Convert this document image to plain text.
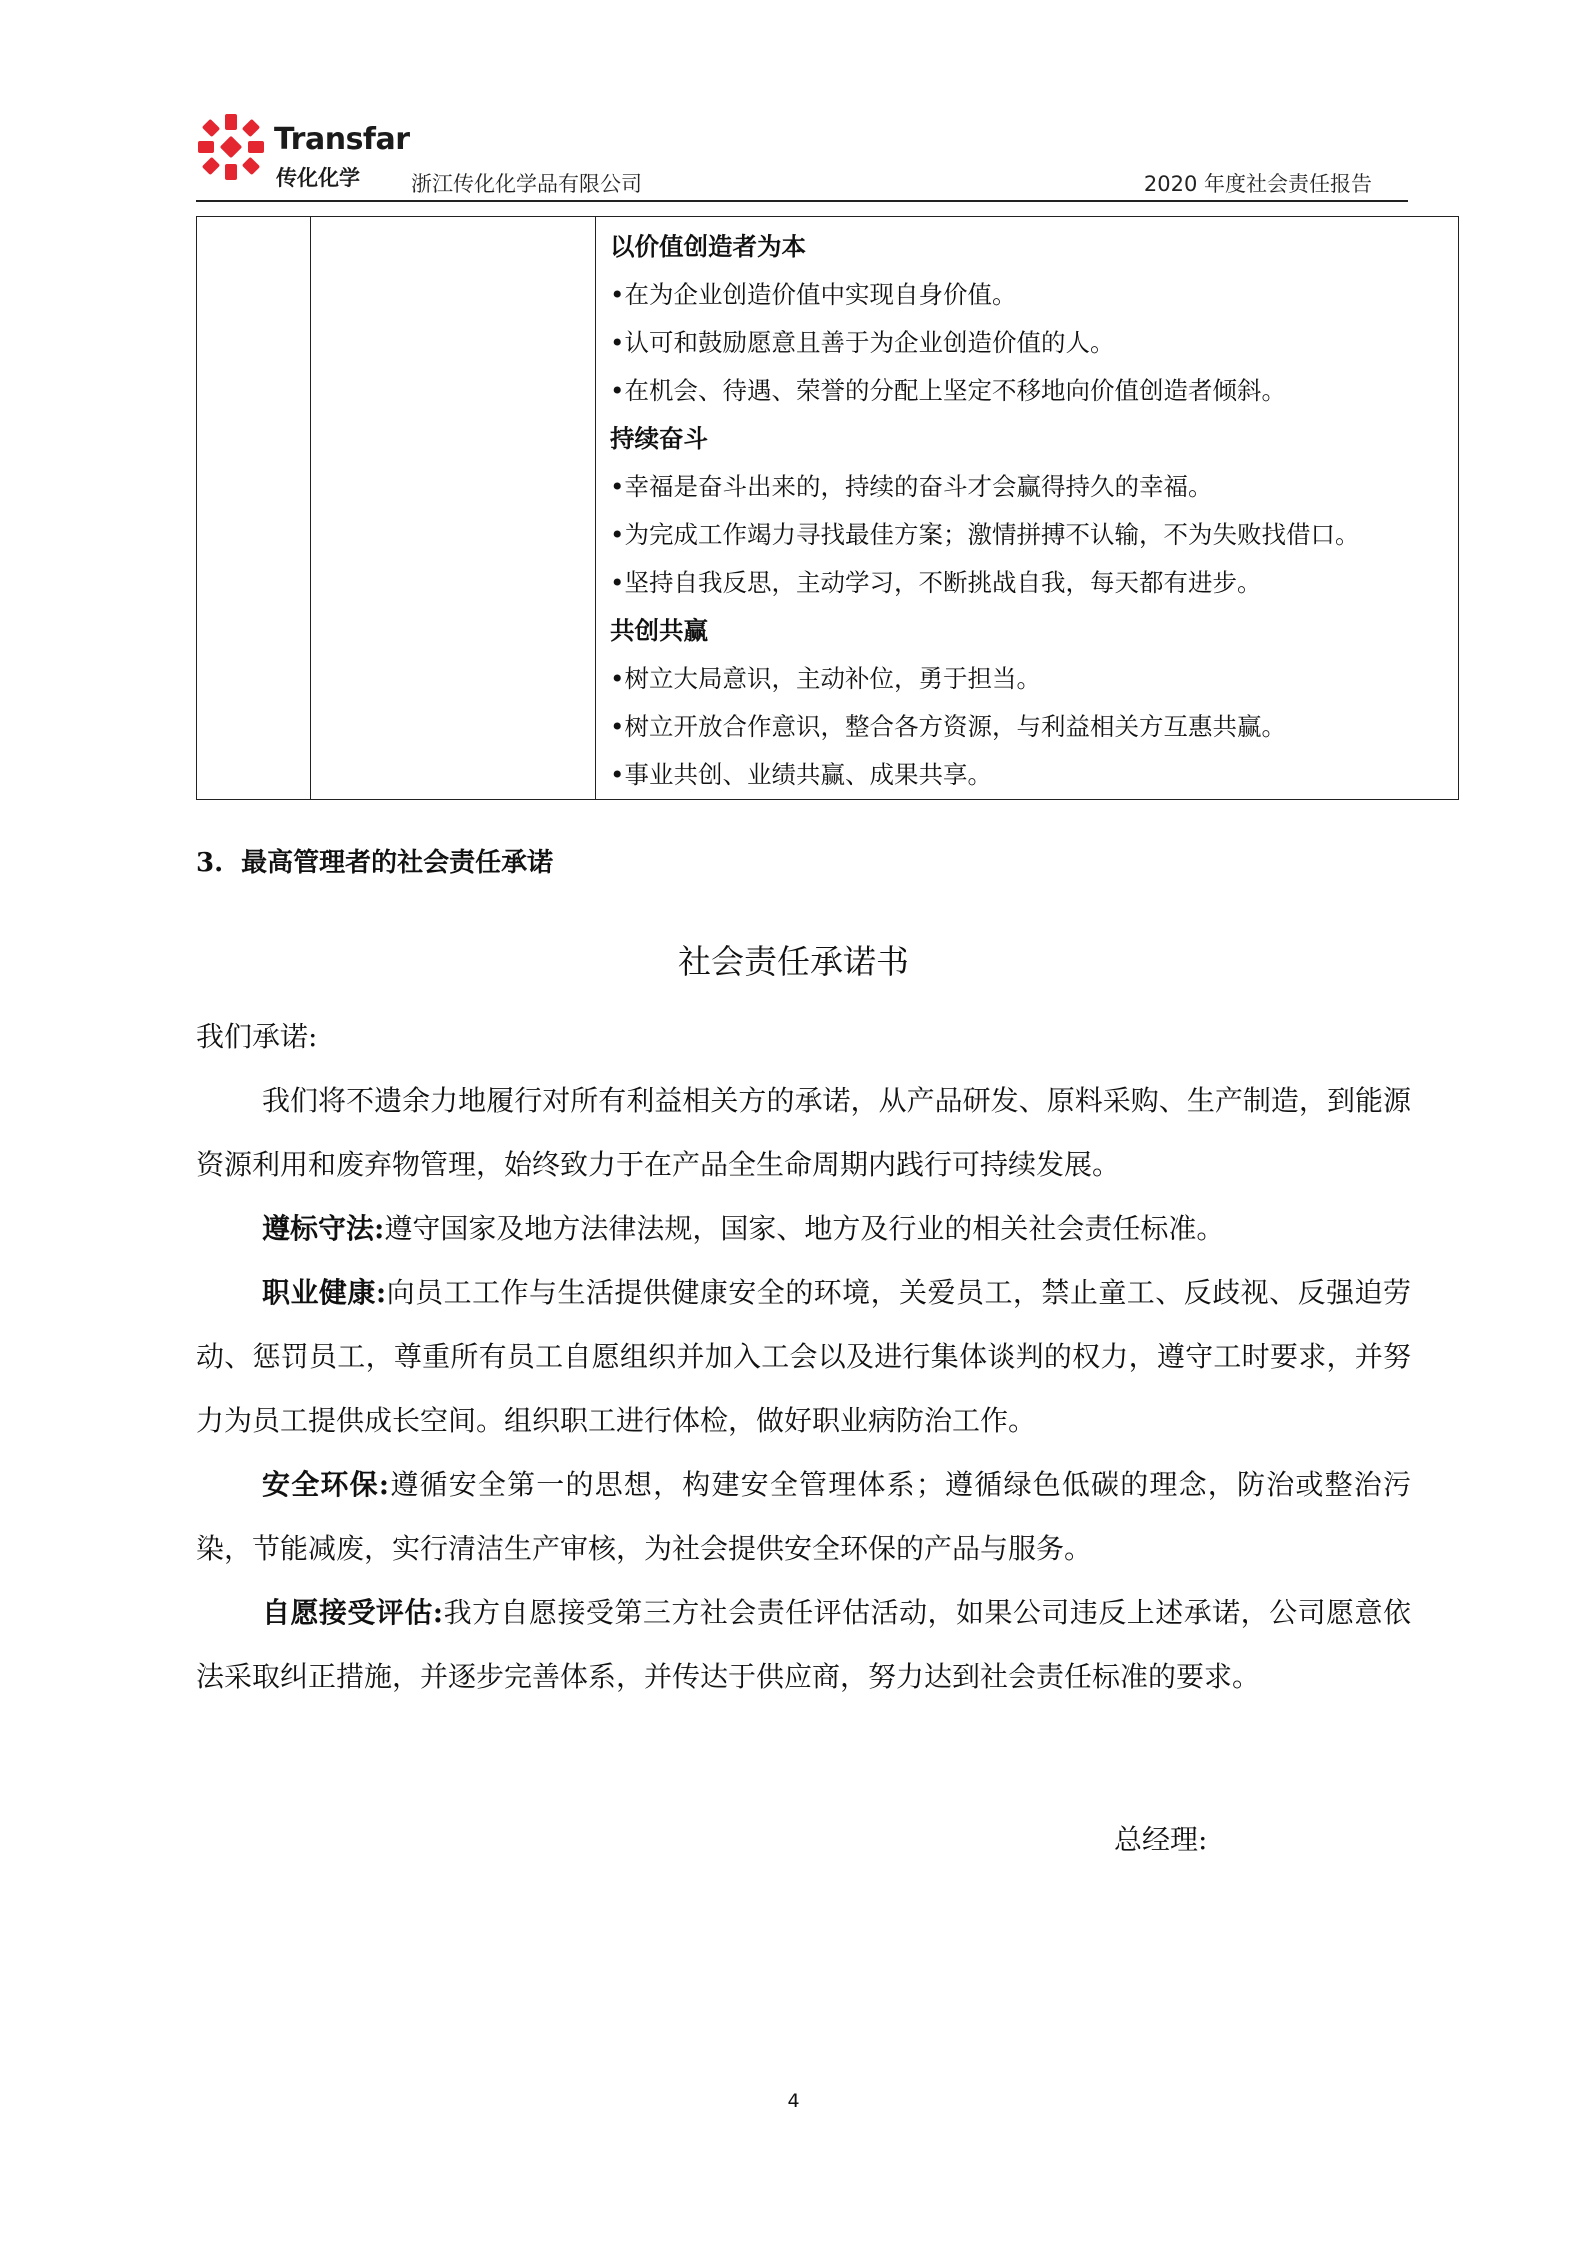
Transfar
传化化学 浙江传化化学品有限公司	2020 年度社会责任报告

以价值创造者为本
•在为企业创造价值中实现自身价值。
•认可和鼓励愿意且善于为企业创造价值的人。
•在机会、待遇、荣誉的分配上坚定不移地向价值创造者倾斜。
持续奋斗
•幸福是奋斗出来的，持续的奋斗才会赢得持久的幸福。
•为完成工作竭力寻找最佳方案；激情拼搏不认输，不为失败找借口。
•坚持自我反思，主动学习，不断挑战自我，每天都有进步。
共创共赢
•树立大局意识，主动补位，勇于担当。
•树立开放合作意识，整合各方资源，与利益相关方互惠共赢。
•事业共创、业绩共赢、成果共享。
3. 最高管理者的社会责任承诺
社会责任承诺书

我们承诺:

我们将不遗余力地履行对所有利益相关方的承诺，从产品研发、原料采购、生产制造，到能源资源利用和废弃物管理，始终致力于在产品全生命周期内践行可持续发展。

遵标守法:遵守国家及地方法律法规，国家、地方及行业的相关社会责任标准。

职业健康:向员工工作与生活提供健康安全的环境，关爱员工，禁止童工、反歧视、反强迫劳动、惩罚员工，尊重所有员工自愿组织并加入工会以及进行集体谈判的权力，遵守工时要求，并努力为员工提供成长空间。组织职工进行体检，做好职业病防治工作。

安全环保:遵循安全第一的思想，构建安全管理体系；遵循绿色低碳的理念，防治或整治污染，节能减废，实行清洁生产审核，为社会提供安全环保的产品与服务。

自愿接受评估:我方自愿接受第三方社会责任评估活动，如果公司违反上述承诺，公司愿意依法采取纠正措施，并逐步完善体系，并传达于供应商，努力达到社会责任标准的要求。

总经理:
4
